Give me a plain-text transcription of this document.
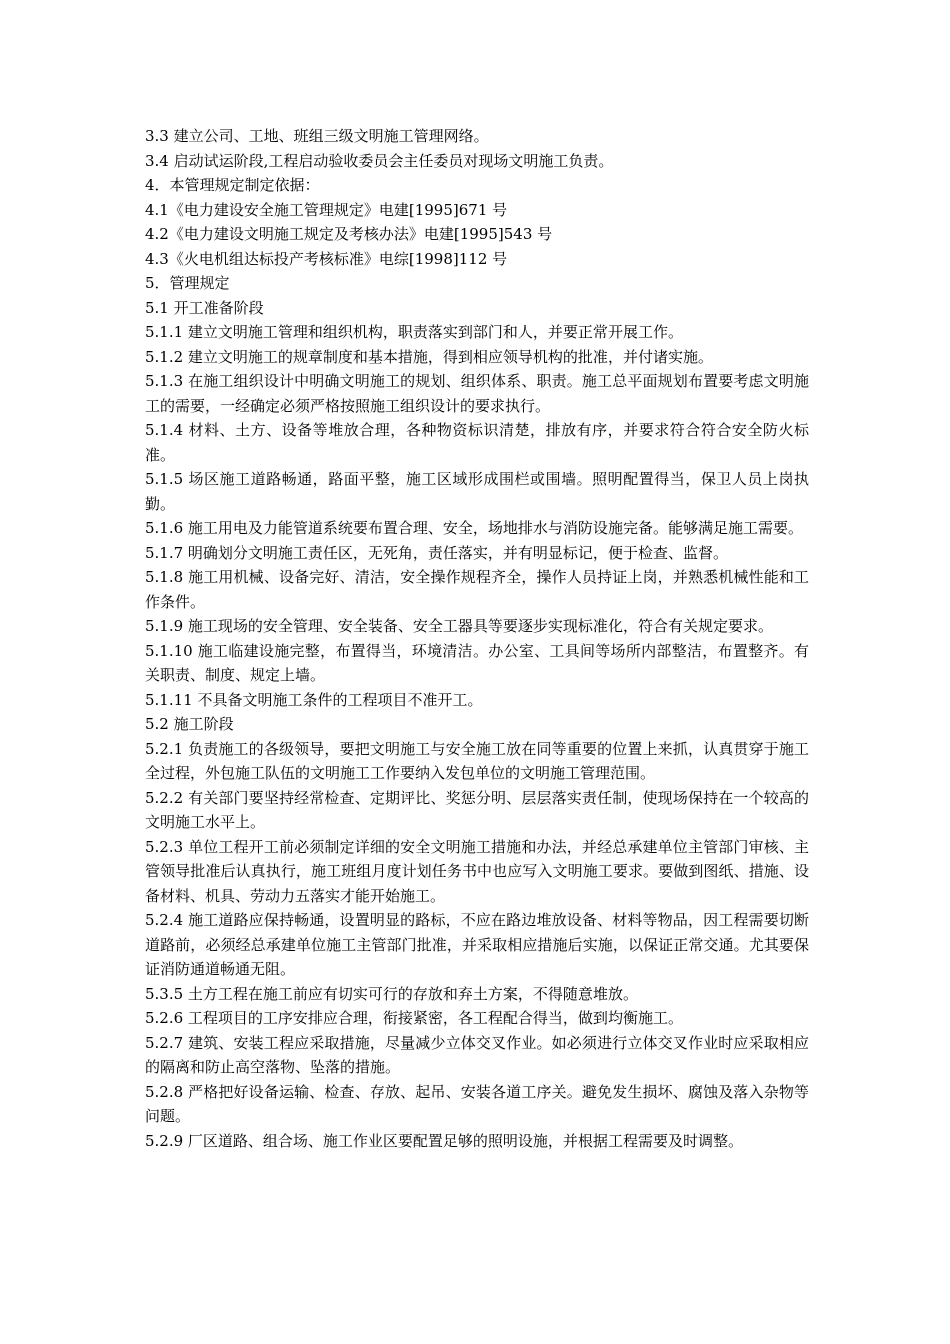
3.3 建立公司、工地、班组三级文明施工管理网络。

3.4 启动试运阶段,工程启动验收委员会主任委员对现场文明施工负责。

4．本管理规定制定依据：

4.1《电力建设安全施工管理规定》电建[1995]671 号

4.2《电力建设文明施工规定及考核办法》电建[1995]543 号

4.3《火电机组达标投产考核标准》电综[1998]112 号

5．管理规定

5.1 开工准备阶段

5.1.1 建立文明施工管理和组织机构，职责落实到部门和人，并要正常开展工作。

5.1.2 建立文明施工的规章制度和基本措施，得到相应领导机构的批准，并付诸实施。

5.1.3 在施工组织设计中明确文明施工的规划、组织体系、职责。施工总平面规划布置要考虑文明施工的需要，一经确定必须严格按照施工组织设计的要求执行。

5.1.4 材料、土方、设备等堆放合理，各种物资标识清楚，排放有序，并要求符合符合安全防火标准。

5.1.5 场区施工道路畅通，路面平整，施工区域形成围栏或围墙。照明配置得当，保卫人员上岗执勤。

5.1.6 施工用电及力能管道系统要布置合理、安全，场地排水与消防设施完备。能够满足施工需要。

5.1.7 明确划分文明施工责任区，无死角，责任落实，并有明显标记，便于检查、监督。

5.1.8 施工用机械、设备完好、清洁，安全操作规程齐全，操作人员持证上岗，并熟悉机械性能和工作条件。

5.1.9 施工现场的安全管理、安全装备、安全工器具等要逐步实现标准化，符合有关规定要求。

5.1.10 施工临建设施完整，布置得当，环境清洁。办公室、工具间等场所内部整洁，布置整齐。有关职责、制度、规定上墙。

5.1.11 不具备文明施工条件的工程项目不准开工。

5.2 施工阶段

5.2.1 负责施工的各级领导，要把文明施工与安全施工放在同等重要的位置上来抓，认真贯穿于施工全过程，外包施工队伍的文明施工工作要纳入发包单位的文明施工管理范围。

5.2.2 有关部门要坚持经常检查、定期评比、奖惩分明、层层落实责任制，使现场保持在一个较高的文明施工水平上。

5.2.3 单位工程开工前必须制定详细的安全文明施工措施和办法，并经总承建单位主管部门审核、主管领导批准后认真执行，施工班组月度计划任务书中也应写入文明施工要求。要做到图纸、措施、设备材料、机具、劳动力五落实才能开始施工。

5.2.4 施工道路应保持畅通，设置明显的路标，不应在路边堆放设备、材料等物品，因工程需要切断道路前，必须经总承建单位施工主管部门批准，并采取相应措施后实施，以保证正常交通。尤其要保证消防通道畅通无阻。

5.3.5 土方工程在施工前应有切实可行的存放和弃土方案，不得随意堆放。

5.2.6 工程项目的工序安排应合理，衔接紧密，各工程配合得当，做到均衡施工。

5.2.7 建筑、安装工程应采取措施，尽量减少立体交叉作业。如必须进行立体交叉作业时应采取相应的隔离和防止高空落物、坠落的措施。

5.2.8 严格把好设备运输、检查、存放、起吊、安装各道工序关。避免发生损坏、腐蚀及落入杂物等问题。

5.2.9 厂区道路、组合场、施工作业区要配置足够的照明设施，并根据工程需要及时调整。
